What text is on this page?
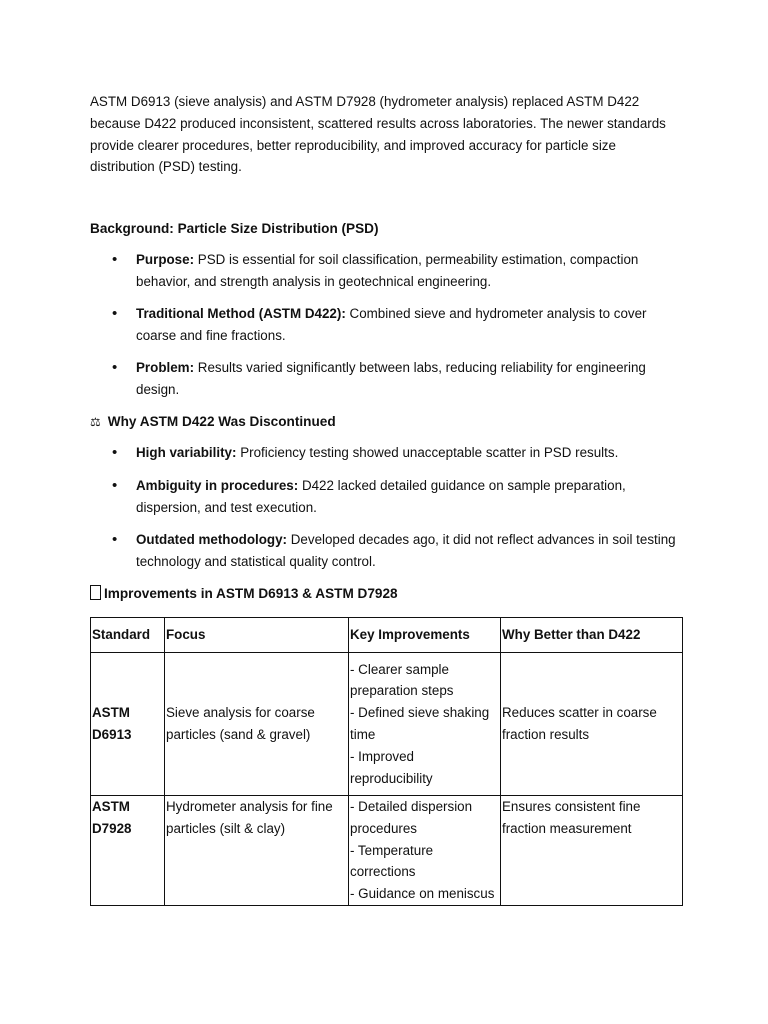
ASTM D6913 (sieve analysis) and ASTM D7928 (hydrometer analysis) replaced ASTM D422 because D422 produced inconsistent, scattered results across laboratories. The newer standards provide clearer procedures, better reproducibility, and improved accuracy for particle size distribution (PSD) testing.

Background: Particle Size Distribution (PSD)
• Purpose: PSD is essential for soil classification, permeability estimation, compaction behavior, and strength analysis in geotechnical engineering.
• Traditional Method (ASTM D422): Combined sieve and hydrometer analysis to cover coarse and fine fractions.
• Problem: Results varied significantly between labs, reducing reliability for engineering design.
⚖ Why ASTM D422 Was Discontinued
• High variability: Proficiency testing showed unacceptable scatter in PSD results.
• Ambiguity in procedures: D422 lacked detailed guidance on sample preparation, dispersion, and test execution.
• Outdated methodology: Developed decades ago, it did not reflect advances in soil testing technology and statistical quality control.
Improvements in ASTM D6913 & ASTM D7928
Standard	Focus	Key Improvements	Why Better than D422
ASTM D6913	Sieve analysis for coarse particles (sand & gravel)	- Clearer sample preparation steps
- Defined sieve shaking time
- Improved reproducibility	Reduces scatter in coarse fraction results
ASTM D7928	Hydrometer analysis for fine particles (silt & clay)	- Detailed dispersion procedures
- Temperature corrections
- Guidance on meniscus	Ensures consistent fine fraction measurement
